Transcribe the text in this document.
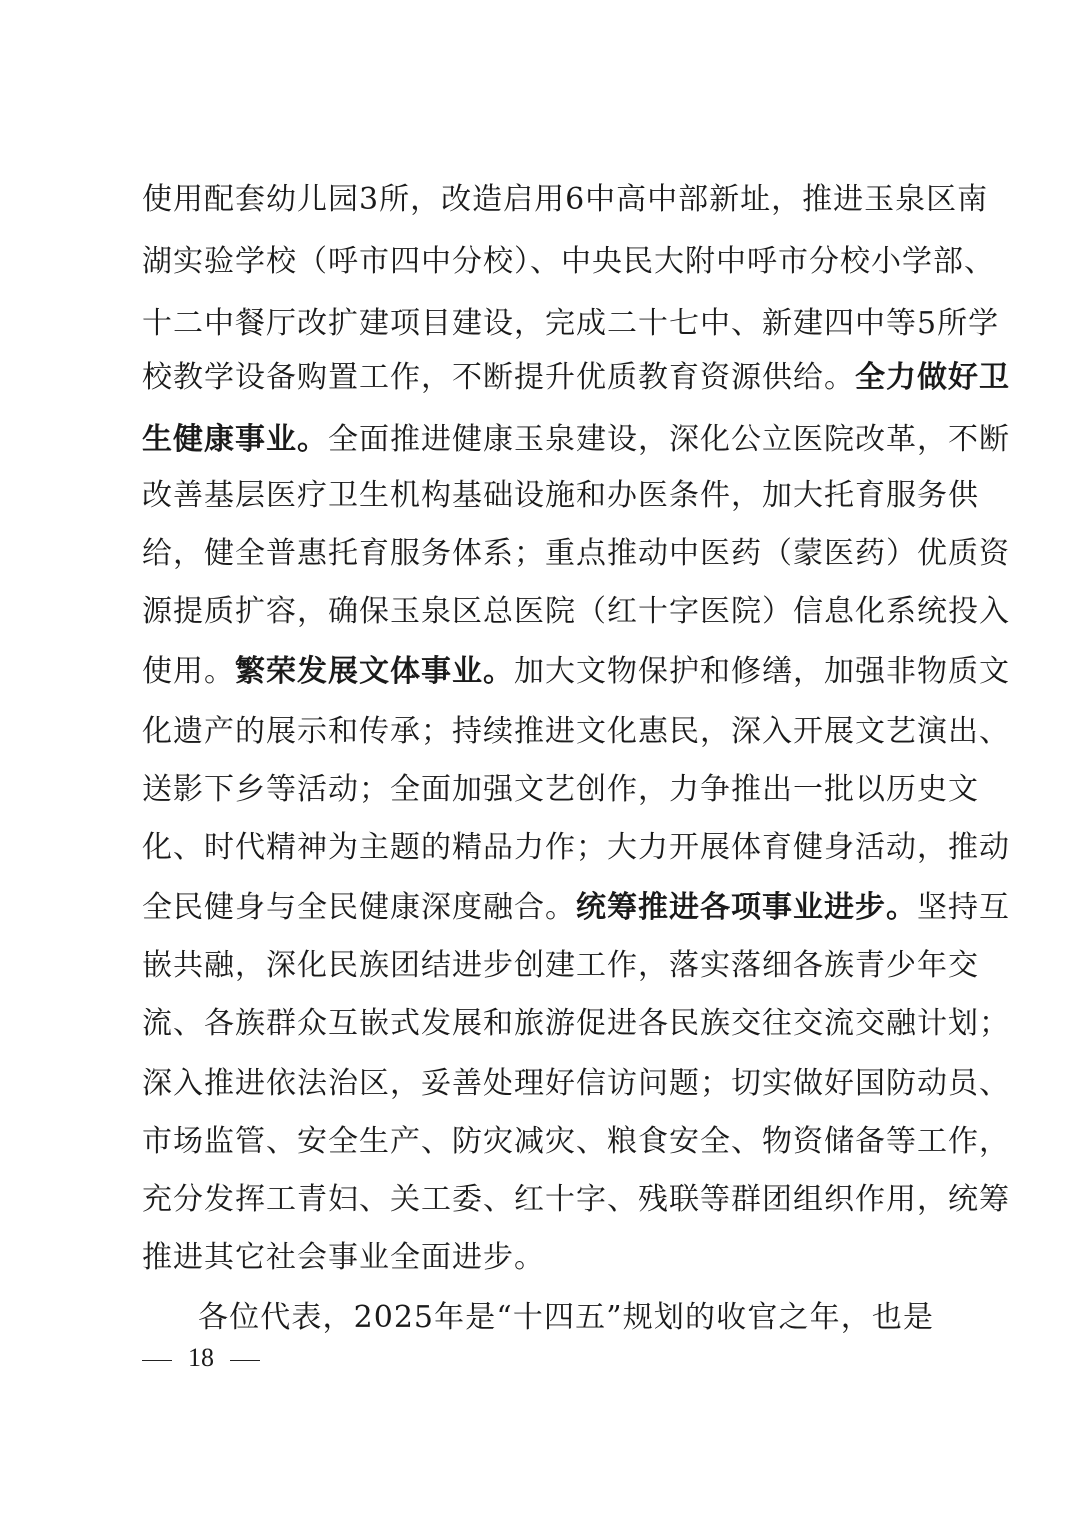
使用配套幼儿园3所，改造启用6中高中部新址，推进玉泉区南
湖实验学校（呼市四中分校）、中央民大附中呼市分校小学部、
十二中餐厅改扩建项目建设，完成二十七中、新建四中等5所学
校教学设备购置工作，不断提升优质教育资源供给。全力做好卫
生健康事业。全面推进健康玉泉建设，深化公立医院改革，不断
改善基层医疗卫生机构基础设施和办医条件，加大托育服务供
给，健全普惠托育服务体系；重点推动中医药（蒙医药）优质资
源提质扩容，确保玉泉区总医院（红十字医院）信息化系统投入
使用。繁荣发展文体事业。加大文物保护和修缮，加强非物质文
化遗产的展示和传承；持续推进文化惠民，深入开展文艺演出、
送影下乡等活动；全面加强文艺创作，力争推出一批以历史文
化、时代精神为主题的精品力作；大力开展体育健身活动，推动
全民健身与全民健康深度融合。统筹推进各项事业进步。坚持互
嵌共融，深化民族团结进步创建工作，落实落细各族青少年交
流、各族群众互嵌式发展和旅游促进各民族交往交流交融计划；
深入推进依法治区，妥善处理好信访问题；切实做好国防动员、
市场监管、安全生产、防灾减灾、粮食安全、物资储备等工作，
充分发挥工青妇、关工委、红十字、残联等群团组织作用，统筹
推进其它社会事业全面进步。
各位代表，2025年是“十四五”规划的收官之年，也是
18
